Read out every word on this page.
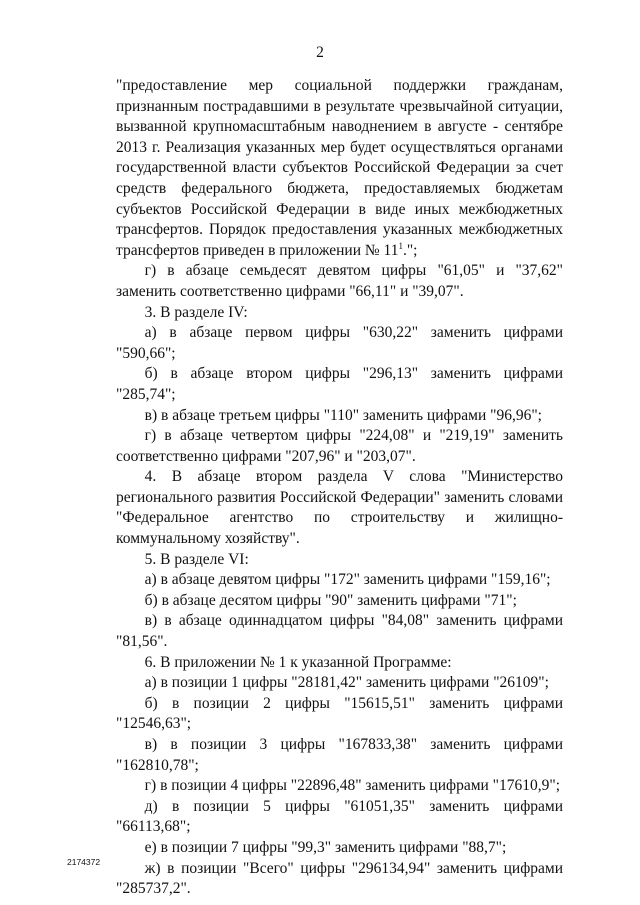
2

"предоставление мер социальной поддержки гражданам, признанным пострадавшими в результате чрезвычайной ситуации, вызванной крупномасштабным наводнением в августе - сентябре 2013 г. Реализация указанных мер будет осуществляться органами государственной власти субъектов Российской Федерации за счет средств федерального бюджета, предоставляемых бюджетам субъектов Российской Федерации в виде иных межбюджетных трансфертов. Порядок предоставления указанных межбюджетных трансфертов приведен в приложении № $11^1$.";

г) в абзаце семьдесят девятом цифры "61,05" и "37,62" заменить соответственно цифрами "66,11" и "39,07".

3. В разделе IV:

а) в абзаце первом цифры "630,22" заменить цифрами "590,66";

б) в абзаце втором цифры "296,13" заменить цифрами "285,74";

в) в абзаце третьем цифры "110" заменить цифрами "96,96";

г) в абзаце четвертом цифры "224,08" и "219,19" заменить соответственно цифрами "207,96" и "203,07".

4. В абзаце втором раздела V слова "Министерство регионального развития Российской Федерации" заменить словами "Федеральное агентство по строительству и жилищно-коммунальному хозяйству".

5. В разделе VI:

а) в абзаце девятом цифры "172" заменить цифрами "159,16";

б) в абзаце десятом цифры "90" заменить цифрами "71";

в) в абзаце одиннадцатом цифры "84,08" заменить цифрами "81,56".

6. В приложении № 1 к указанной Программе:

а) в позиции 1 цифры "28181,42" заменить цифрами "26109";

б) в позиции 2 цифры "15615,51" заменить цифрами "12546,63";

в) в позиции 3 цифры "167833,38" заменить цифрами "162810,78";

г) в позиции 4 цифры "22896,48" заменить цифрами "17610,9";

д) в позиции 5 цифры "61051,35" заменить цифрами "66113,68";

е) в позиции 7 цифры "99,3" заменить цифрами "88,7";

ж) в позиции "Всего" цифры "296134,94" заменить цифрами "285737,2".

2174372
